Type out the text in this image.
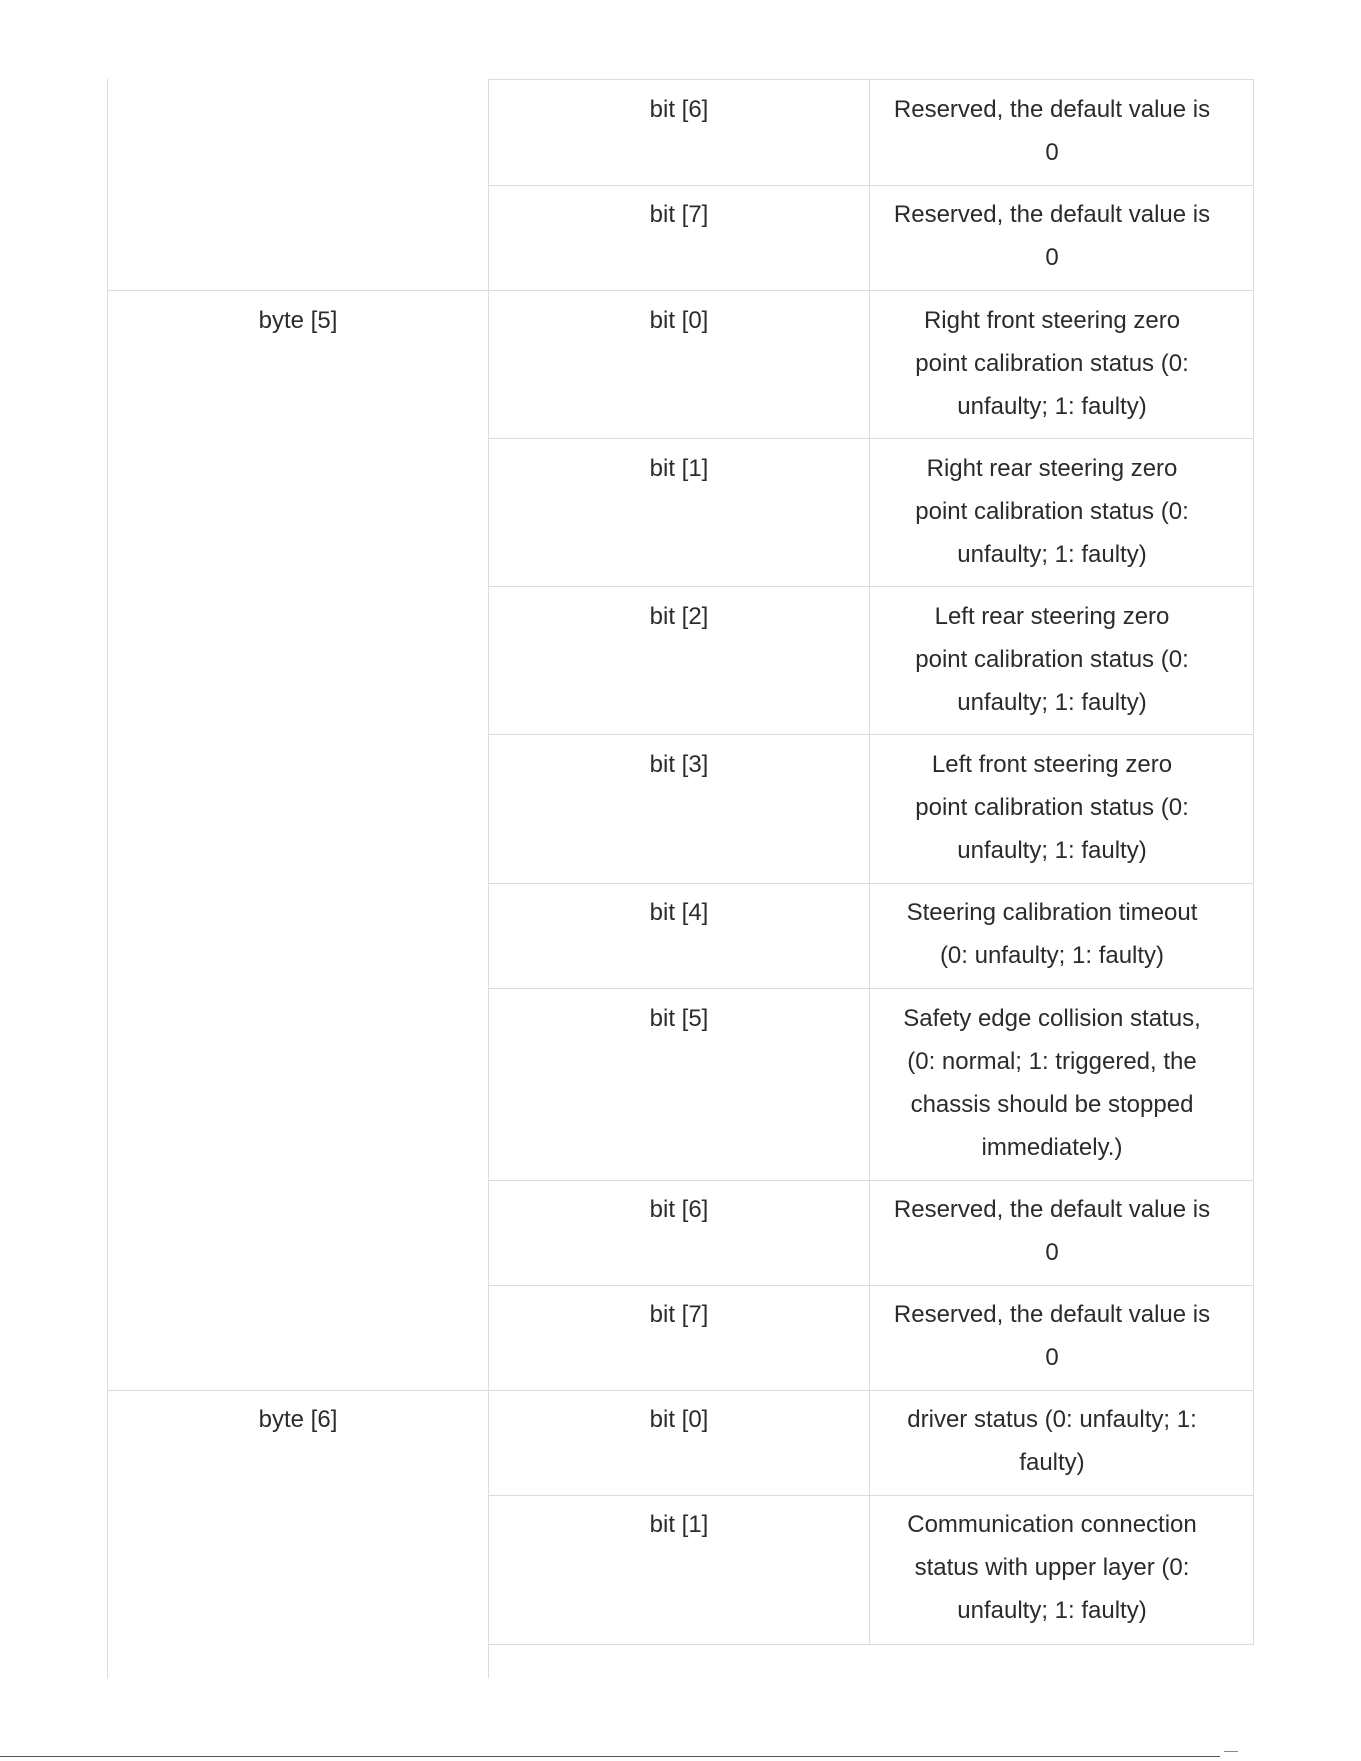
byte [5]
byte [6]
bit [6]
bit [7]
bit [0]
bit [1]
bit [2]
bit [3]
bit [4]
bit [5]
bit [6]
bit [7]
bit [0]
bit [1]
Reserved, the default value is
0
Reserved, the default value is
0
Right front steering zero
point calibration status (0:
unfaulty; 1: faulty)
Right rear steering zero
point calibration status (0:
unfaulty; 1: faulty)
Left rear steering zero
point calibration status (0:
unfaulty; 1: faulty)
Left front steering zero
point calibration status (0:
unfaulty; 1: faulty)
Steering calibration timeout
(0: unfaulty; 1: faulty)
Safety edge collision status,
(0: normal; 1: triggered, the
chassis should be stopped
immediately.)
Reserved, the default value is
0
Reserved, the default value is
0
driver status (0: unfaulty; 1:
faulty)
Communication connection
status with upper layer (0:
unfaulty; 1: faulty)
